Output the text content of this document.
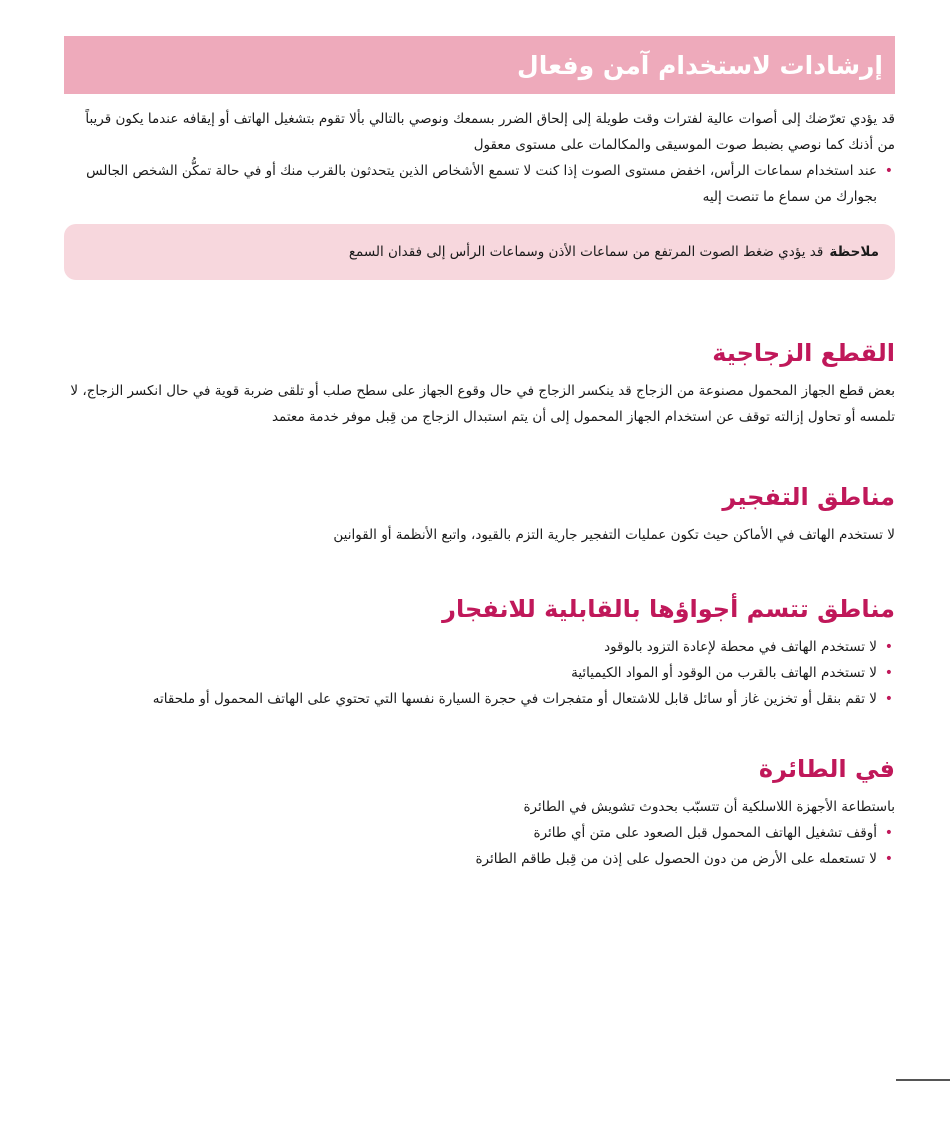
إرشادات لاستخدام آمن وفعال

قد يؤدي تعرّضك إلى أصوات عالية لفترات وقت طويلة إلى إلحاق الضرر بسمعك ونوصي بالتالي بألا تقوم بتشغيل الهاتف أو إيقافه عندما يكون قريباً من أذنك كما نوصي بضبط صوت الموسيقى والمكالمات على مستوى معقول

•
عند استخدام سماعات الرأس، اخفض مستوى الصوت إذا كنت لا تسمع الأشخاص الذين يتحدثون بالقرب منك أو في حالة تمكُّن الشخص الجالس بجوارك من سماع ما تنصت إليه
ملاحظة
قد يؤدي ضغط الصوت المرتفع من سماعات الأذن وسماعات الرأس إلى فقدان السمع
القطع الزجاجية

بعض قطع الجهاز المحمول مصنوعة من الزجاج قد ينكسر الزجاج في حال وقوع الجهاز على سطح صلب أو تلقى ضربة قوية في حال انكسر الزجاج، لا تلمسه أو تحاول إزالته توقف عن استخدام الجهاز المحمول إلى أن يتم استبدال الزجاج من قِبل موفر خدمة معتمد

مناطق التفجير

لا تستخدم الهاتف في الأماكن حيث تكون عمليات التفجير جارية التزم بالقيود، واتبع الأنظمة أو القوانين

مناطق تتسم أجواؤها بالقابلية للانفجار
•
لا تستخدم الهاتف في محطة لإعادة التزود بالوقود
•
لا تستخدم الهاتف بالقرب من الوقود أو المواد الكيميائية
•
لا تقم بنقل أو تخزين غاز أو سائل قابل للاشتعال أو متفجرات في حجرة السيارة نفسها التي تحتوي على الهاتف المحمول أو ملحقاته
في الطائرة

باستطاعة الأجهزة اللاسلكية أن تتسبّب بحدوث تشويش في الطائرة

•
أوقف تشغيل الهاتف المحمول قبل الصعود على متن أي طائرة
•
لا تستعمله على الأرض من دون الحصول على إذن من قِبل طاقم الطائرة
